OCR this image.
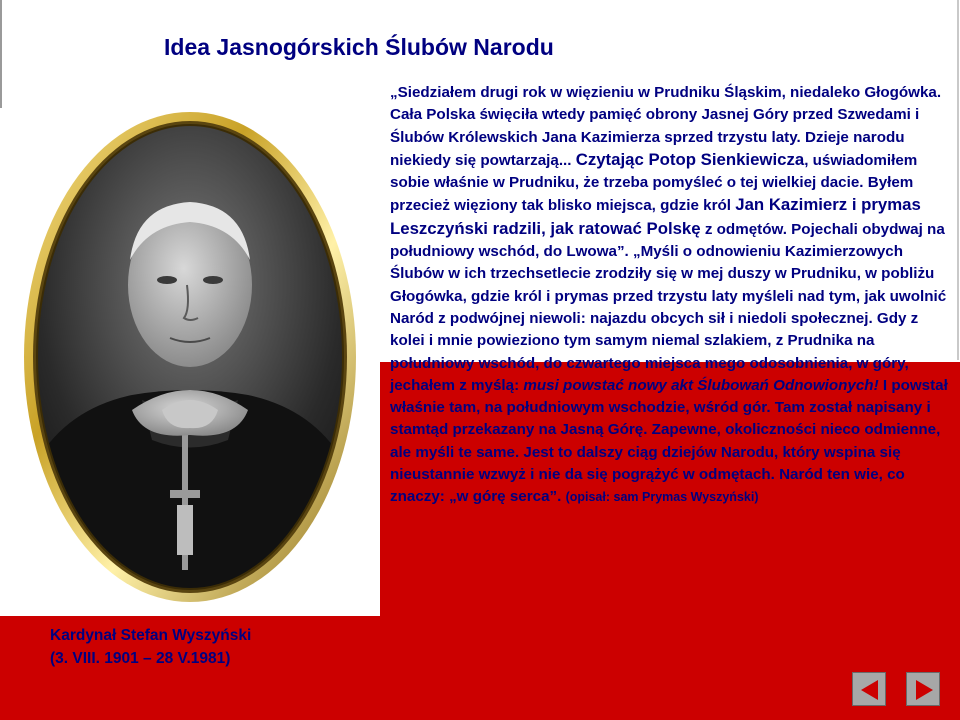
Idea Jasnogórskich Ślubów Narodu

„Siedziałem drugi rok w więzieniu w Prudniku Śląskim, niedaleko Głogówka. Cała Polska święciła wtedy pamięć obrony Jasnej Góry przed Szwedami i Ślubów Królewskich Jana Kazimierza sprzed trzystu laty. Dzieje narodu niekiedy się powtarzają... Czytając Potop Sienkiewicza, uświadomiłem sobie właśnie w Prudniku, że trzeba pomyśleć o tej wielkiej dacie. Byłem przecież więziony tak blisko miejsca, gdzie król Jan Kazimierz i prymas Leszczyński radzili, jak ratować Polskę z odmętów. Pojechali obydwaj na południowy wschód, do Lwowa”. „Myśli o odnowieniu Kazimierzowych Ślubów w ich trzechsetlecie zrodziły się w mej duszy w Prudniku, w pobliżu Głogówka, gdzie król i prymas przed trzystu laty myśleli nad tym, jak uwolnić Naród z podwójnej niewoli: najazdu obcych sił i niedoli społecznej. Gdy z kolei i mnie powieziono tym samym niemal szlakiem, z Prudnika na południowy wschód, do czwartego miejsca mego odosobnienia, w góry, jechałem z myślą: musi powstać nowy akt Ślubowań Odnowionych! I powstał właśnie tam, na południowym wschodzie, wśród gór. Tam został napisany i stamtąd przekazany na Jasną Górę. Zapewne, okoliczności nieco odmienne, ale myśli te same. Jest to dalszy ciąg dziejów Narodu, który wspina się nieustannie wzwyż i nie da się pogrążyć w odmętach. Naród ten wie, co znaczy: „w górę serca”. (opisał: sam Prymas Wyszyński)

Kardynał Stefan Wyszyński
(3. VIII. 1901 – 28 V.1981)
